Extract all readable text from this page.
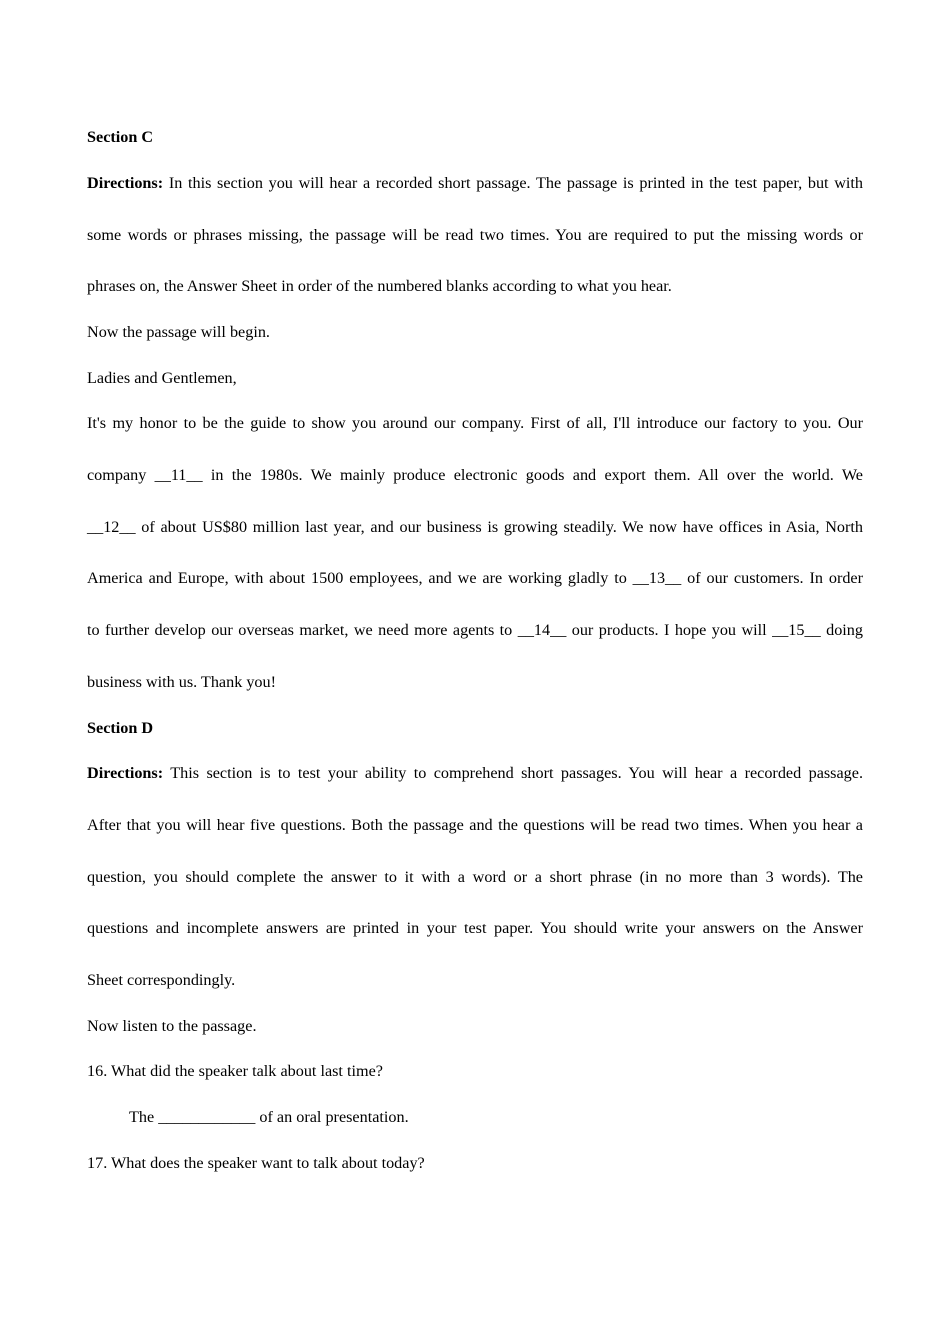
Section C
Directions: In this section you will hear a recorded short passage. The passage is printed in the test paper, but with
some words or phrases missing, the passage will be read two times. You are required to put the missing words or
phrases on, the Answer Sheet in order of the numbered blanks according to what you hear.
Now the passage will begin.
Ladies and Gentlemen,
It's my honor to be the guide to show you around our company. First of all, I'll introduce our factory to you. Our
company __11__ in the 1980s. We mainly produce electronic goods and export them. All over the world. We
__12__ of about US$80 million last year, and our business is growing steadily. We now have offices in Asia, North
America and Europe, with about 1500 employees, and we are working gladly to __13__ of our customers. In order
to further develop our overseas market, we need more agents to __14__ our products. I hope you will __15__ doing
business with us. Thank you!
Section D
Directions: This section is to test your ability to comprehend short passages. You will hear a recorded passage.
After that you will hear five questions. Both the passage and the questions will be read two times. When you hear a
question, you should complete the answer to it with a word or a short phrase (in no more than 3 words). The
questions and incomplete answers are printed in your test paper. You should write your answers on the Answer
Sheet correspondingly.
Now listen to the passage.
16. What did the speaker talk about last time?
The ____________ of an oral presentation.
17. What does the speaker want to talk about today?
